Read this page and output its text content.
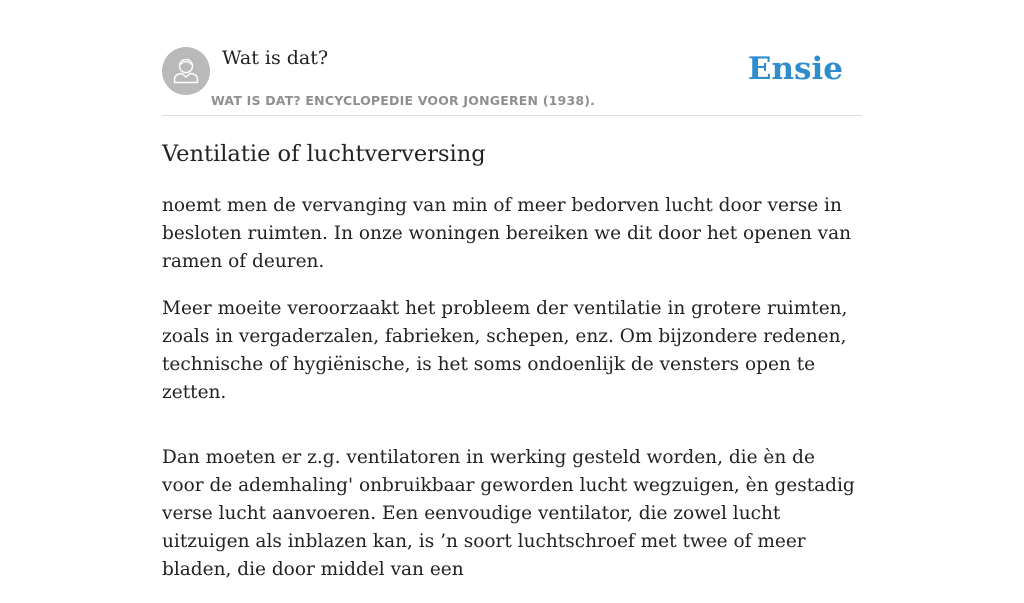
Wat is dat?
WAT IS DAT? ENCYCLOPEDIE VOOR JONGEREN (1938).
Ensie
Ventilatie of luchtverversing

noemt men de vervanging van min of meer bedorven lucht door verse in besloten ruimten. In onze woningen bereiken we dit door het openen van ramen of deuren.

Meer moeite veroorzaakt het probleem der ventilatie in grotere ruimten, zoals in vergaderzalen, fabrieken, schepen, enz. Om bijzondere redenen, technische of hygiënische, is het soms ondoenlijk de vensters open te zetten.

Dan moeten er z.g. ventilatoren in werking gesteld worden, die èn de voor de ademhaling' onbruikbaar geworden lucht wegzuigen, èn gestadig verse lucht aanvoeren. Een eenvoudige ventilator, die zowel lucht uitzuigen als inblazen kan, is ’n soort luchtschroef met twee of meer bladen, die door middel van een
